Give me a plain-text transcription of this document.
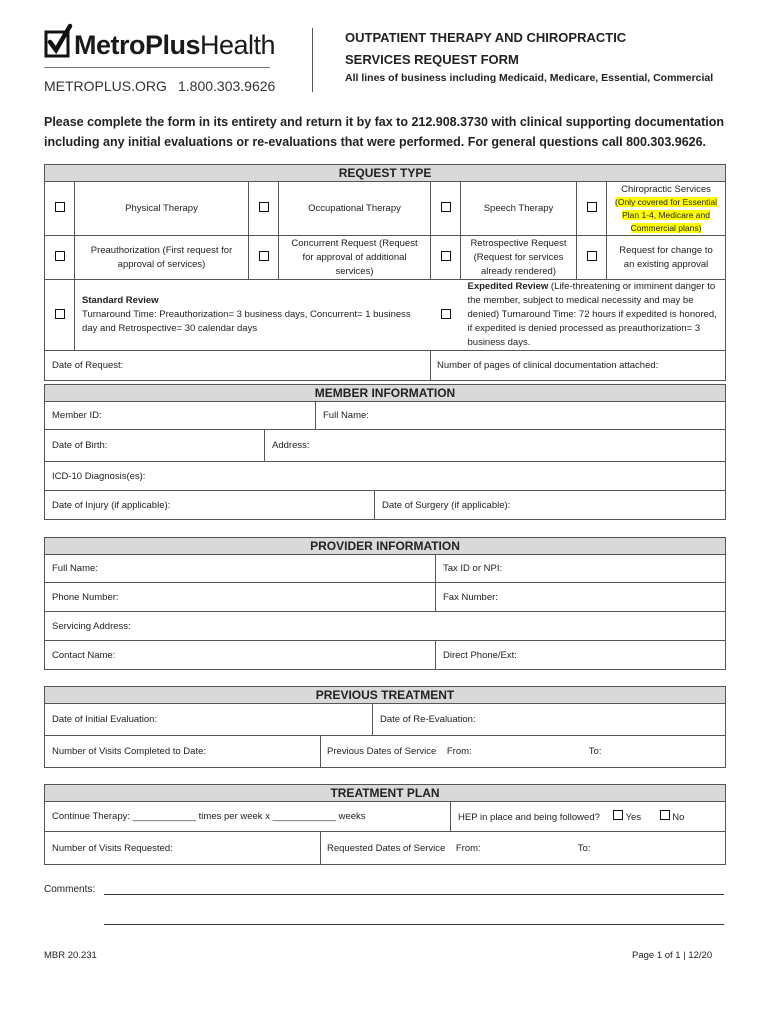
MetroPlusHealth
METROPLUS.ORG 1.800.303.9626
OUTPATIENT THERAPY AND CHIROPRACTIC
SERVICES REQUEST FORM
All lines of business including Medicaid, Medicare, Essential, Commercial
Please complete the form in its entirety and return it by fax to 212.908.3730 with clinical supporting documentation including any initial evaluations or re-evaluations that were performed. For general questions call 800.303.9626.
REQUEST TYPE							
	Physical Therapy		Occupational Therapy		Speech Therapy		Chiropractic Services
(Only covered for Essential Plan 1-4, Medicare and Commercial plans)

	Preauthorization (First request for approval of services)		Concurrent Request (Request for approval of additional services)		Retrospective Request (Request for services already rendered)		Request for change to an existing approval
	Standard Review
Turnaround Time: Preauthorization= 3 business days, Concurrent= 1 business day and Retrospective= 30 calendar days				Expedited Review (Life-threatening or imminent danger to the member, subject to medical necessity and may be denied) Turnaround Time: 72 hours if expedited is honored, if expedited is denied processed as preauthorization= 3 business days.		
Date of Request:				Number of pages of clinical documentation attached:			
MEMBER INFORMATION			
Member ID:		Full Name:	
Date of Birth:	Address:		
ICD-10 Diagnosis(es):			
Date of Injury (if applicable):			Date of Surgery (if applicable):
PROVIDER INFORMATION	
Full Name:	Tax ID or NPI:
Phone Number:	Fax Number:
Servicing Address:	
Contact Name:	Direct Phone/Ext:
PREVIOUS TREATMENT		
Date of Initial Evaluation:		Date of Re-Evaluation:
Number of Visits Completed to Date:	Previous Dates of Service From: To:	
TREATMENT PLAN		
Continue Therapy: ____________ times per week x ____________ weeks		HEP in place and being followed? Yes No
Number of Visits Requested:	Requested Dates of Service From: To:	
Comments:
MBR 20.231	Page 1 of 1 | 12/20
